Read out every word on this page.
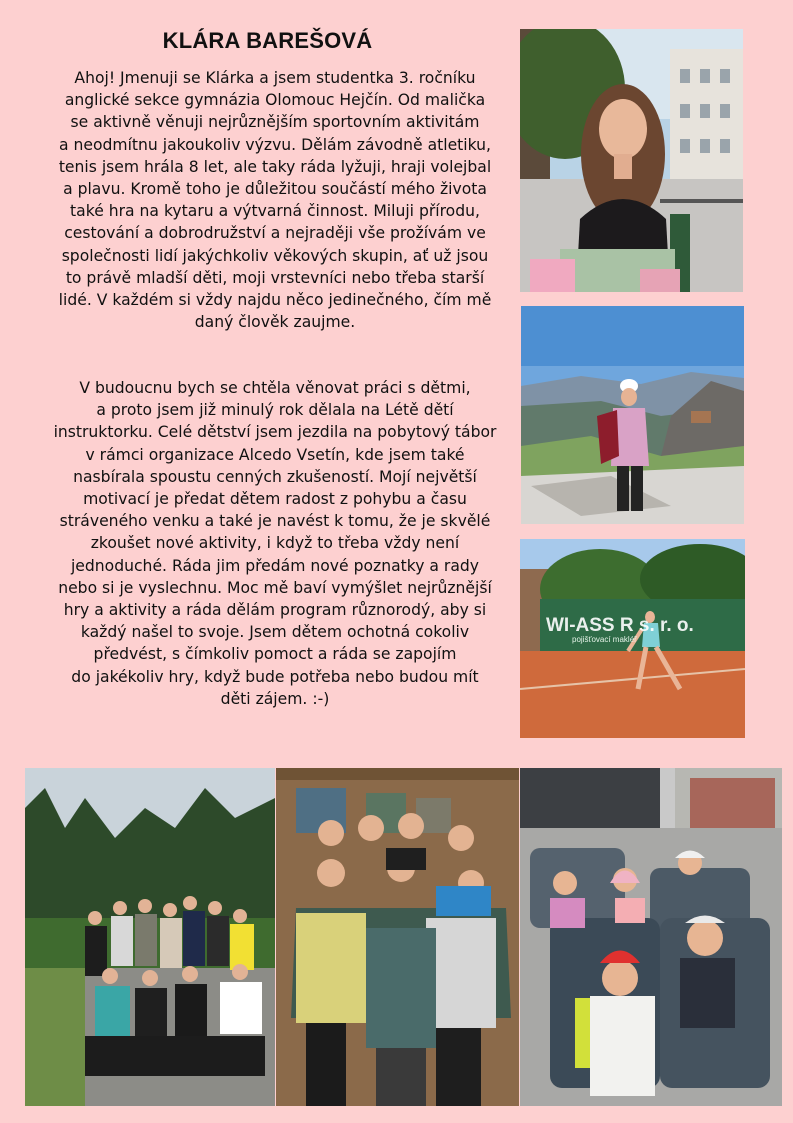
KLÁRA BAREŠOVÁ
Ahoj! Jmenuji se Klárka a jsem studentka 3. ročníku
anglické sekce gymnázia Olomouc Hejčín. Od malička
se aktivně věnuji nejrůznějším sportovním aktivitám
a neodmítnu jakoukoliv výzvu. Dělám závodně atletiku,
tenis jsem hrála 8 let, ale taky ráda lyžuji, hraji volejbal
a plavu. Kromě toho je důležitou součástí mého života
také hra na kytaru a výtvarná činnost. Miluji přírodu,
cestování a dobrodružství a nejraději vše prožívám ve
společnosti lidí jakýchkoliv věkových skupin, ať už jsou
to právě mladší děti, moji vrstevníci nebo třeba starší
lidé. V každém si vždy najdu něco jedinečného, čím mě
daný člověk zaujme.
V budoucnu bych se chtěla věnovat práci s dětmi,
a proto jsem již minulý rok dělala na Létě dětí
instruktorku. Celé dětství jsem jezdila na pobytový tábor
v rámci organizace Alcedo Vsetín, kde jsem také
nasbírala spoustu cenných zkušeností. Mojí největší
motivací je předat dětem radost z pohybu a času
stráveného venku a také je navést k tomu, že je skvělé
zkoušet nové aktivity, i když to třeba vždy není
jednoduché. Ráda jim předám nové poznatky a rady
nebo si je vyslechnu. Moc mě baví vymýšlet nejrůznější
hry a aktivity a ráda dělám program různorodý, aby si
každý našel to svoje. Jsem dětem ochotná cokoliv
předvést, s čímkoliv pomoct a ráda se zapojím
do jakékoliv hry, když bude potřeba nebo budou mít
děti zájem. :-)
WI-ASS R s. r. o.
pojišťovací makléř
